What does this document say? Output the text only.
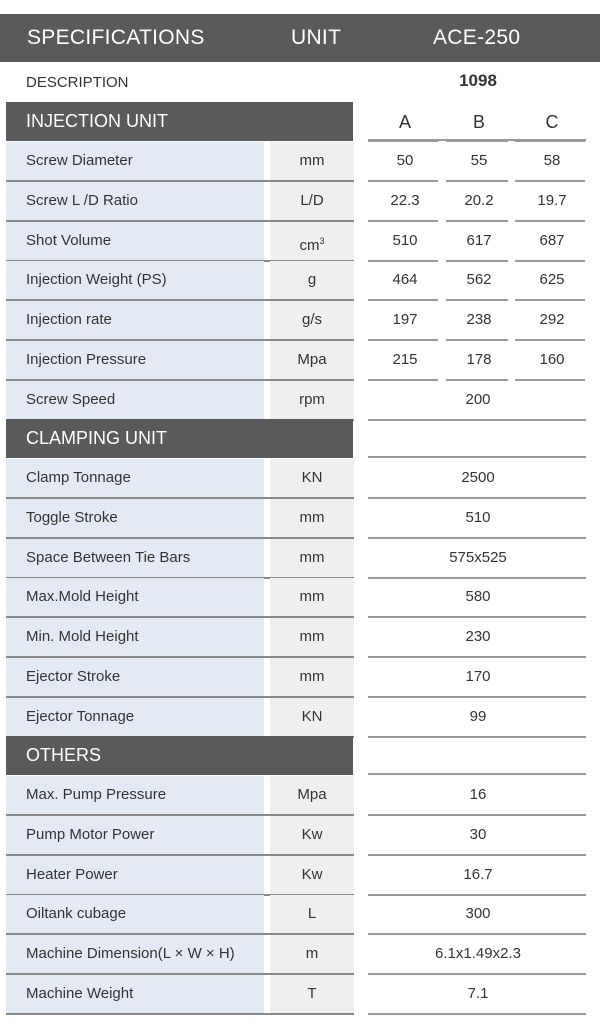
SPECIFICATIONS	UNIT	ACE-250
DESCRIPTION	1098
INJECTION UNIT	A	B	C
Screw Diameter	mm	50	55	58
Screw L /D Ratio	L/D	22.3	20.2	19.7
Shot Volume	$cm^3$	510	617	687
Injection Weight (PS)	g	464	562	625
Injection rate	g/s	197	238	292
Injection Pressure	Mpa	215	178	160
Screw Speed	rpm	200
CLAMPING UNIT
Clamp Tonnage	KN	2500
Toggle Stroke	mm	510
Space Between Tie Bars	mm	575x525
Max.Mold Height	mm	580
Min. Mold Height	mm	230
Ejector Stroke	mm	170
Ejector Tonnage	KN	99
OTHERS
Max. Pump Pressure	Mpa	16
Pump Motor Power	Kw	30
Heater Power	Kw	16.7
Oiltank cubage	L	300
Machine Dimension(L × W × H)	m	6.1x1.49x2.3
Machine Weight	T	7.1
